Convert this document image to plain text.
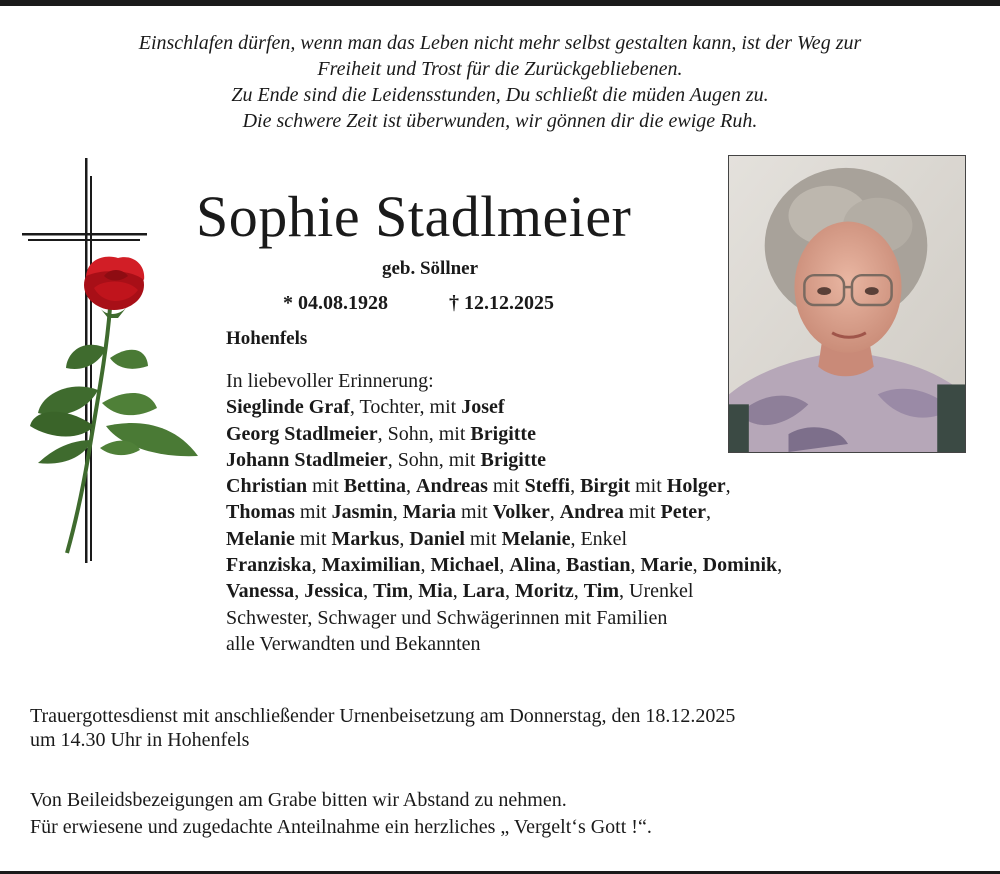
Einschlafen dürfen, wenn man das Leben nicht mehr selbst gestalten kann, ist der Weg zur
Freiheit und Trost für die Zurückgebliebenen.
Zu Ende sind die Leidensstunden, Du schließt die müden Augen zu.
Die schwere Zeit ist überwunden, wir gönnen dir die ewige Ruh.
Sophie Stadlmeier
geb. Söllner
* 04.08.1928	† 12.12.2025
Hohenfels
In liebevoller Erinnerung:
Sieglinde Graf, Tochter, mit Josef
Georg Stadlmeier, Sohn, mit Brigitte
Johann Stadlmeier, Sohn, mit Brigitte
Christian mit Bettina, Andreas mit Steffi, Birgit mit Holger,
Thomas mit Jasmin, Maria mit Volker, Andrea mit Peter,
Melanie mit Markus, Daniel mit Melanie, Enkel
Franziska, Maximilian, Michael, Alina, Bastian, Marie, Dominik,
Vanessa, Jessica, Tim, Mia, Lara, Moritz, Tim, Urenkel
Schwester, Schwager und Schwägerinnen mit Familien
alle Verwandten und Bekannten
Trauergottesdienst mit anschließender Urnenbeisetzung am Donnerstag, den 18.12.2025
um 14.30 Uhr in Hohenfels
Von Beileidsbezeigungen am Grabe bitten wir Abstand zu nehmen.
Für erwiesene und zugedachte Anteilnahme ein herzliches „ Vergelt‘s Gott !“.
